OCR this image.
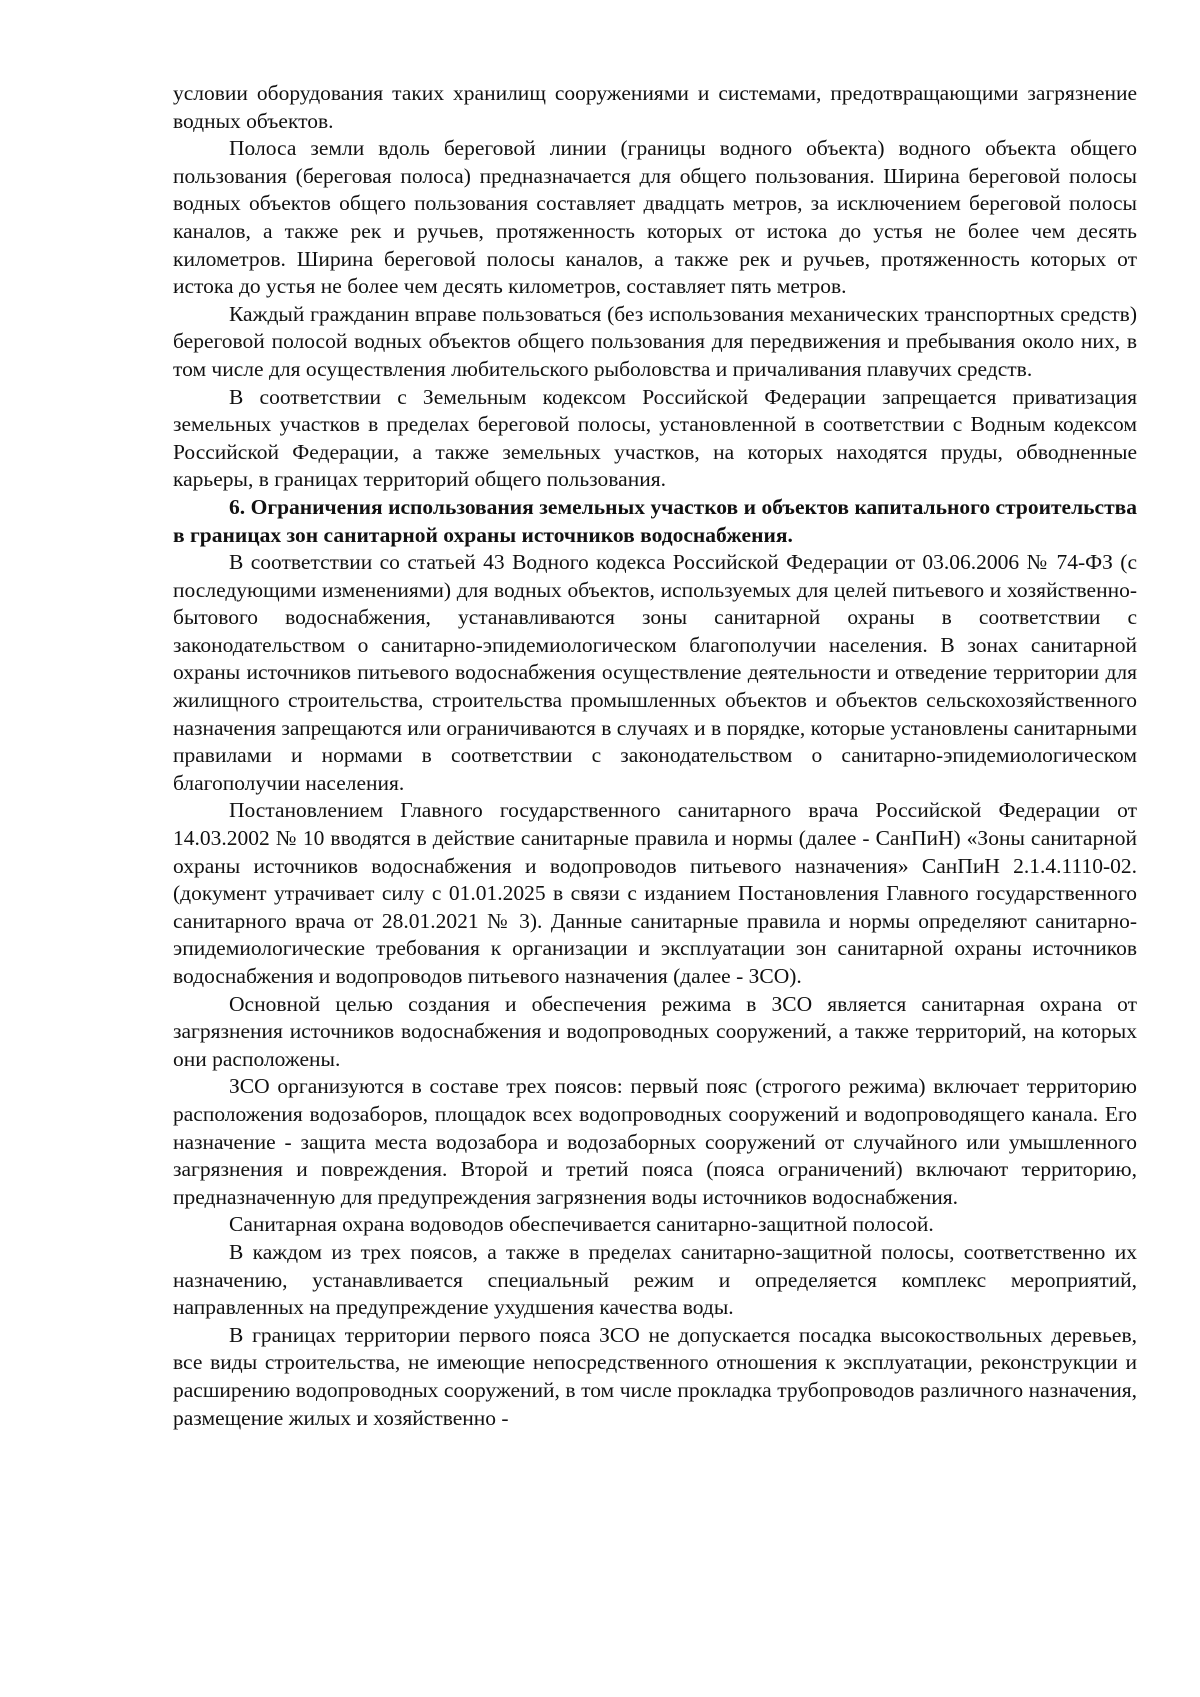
условии оборудования таких хранилищ сооружениями и системами, предотвращающими загрязнение водных объектов.

Полоса земли вдоль береговой линии (границы водного объекта) водного объекта общего пользования (береговая полоса) предназначается для общего пользования. Ширина береговой полосы водных объектов общего пользования составляет двадцать метров, за исключением береговой полосы каналов, а также рек и ручьев, протяженность которых от истока до устья не более чем десять километров. Ширина береговой полосы каналов, а также рек и ручьев, протяженность которых от истока до устья не более чем десять километров, составляет пять метров.

Каждый гражданин вправе пользоваться (без использования механических транспортных средств) береговой полосой водных объектов общего пользования для передвижения и пребывания около них, в том числе для осуществления любительского рыболовства и причаливания плавучих средств.

В соответствии с Земельным кодексом Российской Федерации запрещается приватизация земельных участков в пределах береговой полосы, установленной в соответствии с Водным кодексом Российской Федерации, а также земельных участков, на которых находятся пруды, обводненные карьеры, в границах территорий общего пользования.

6. Ограничения использования земельных участков и объектов капитального строительства в границах зон санитарной охраны источников водоснабжения.

В соответствии со статьей 43 Водного кодекса Российской Федерации от 03.06.2006 № 74-ФЗ (с последующими изменениями) для водных объектов, используемых для целей питьевого и хозяйственно-бытового водоснабжения, устанавливаются зоны санитарной охраны в соответствии с законодательством о санитарно-эпидемиологическом благополучии населения. В зонах санитарной охраны источников питьевого водоснабжения осуществление деятельности и отведение территории для жилищного строительства, строительства промышленных объектов и объектов сельскохозяйственного назначения запрещаются или ограничиваются в случаях и в порядке, которые установлены санитарными правилами и нормами в соответствии с законодательством о санитарно-эпидемиологическом благополучии населения.

Постановлением Главного государственного санитарного врача Российской Федерации от 14.03.2002 № 10 вводятся в действие санитарные правила и нормы (далее - СанПиН) «Зоны санитарной охраны источников водоснабжения и водопроводов питьевого назначения» СанПиН 2.1.4.1110-02. (документ утрачивает силу с 01.01.2025 в связи с изданием Постановления Главного государственного санитарного врача от 28.01.2021 № 3). Данные санитарные правила и нормы определяют санитарно-эпидемиологические требования к организации и эксплуатации зон санитарной охраны источников водоснабжения и водопроводов питьевого назначения (далее - ЗСО).

Основной целью создания и обеспечения режима в ЗСО является санитарная охрана от загрязнения источников водоснабжения и водопроводных сооружений, а также территорий, на которых они расположены.

ЗСО организуются в составе трех поясов: первый пояс (строгого режима) включает территорию расположения водозаборов, площадок всех водопроводных сооружений и водопроводящего канала. Его назначение - защита места водозабора и водозаборных сооружений от случайного или умышленного загрязнения и повреждения. Второй и третий пояса (пояса ограничений) включают территорию, предназначенную для предупреждения загрязнения воды источников водоснабжения.

Санитарная охрана водоводов обеспечивается санитарно-защитной полосой.

В каждом из трех поясов, а также в пределах санитарно-защитной полосы, соответственно их назначению, устанавливается специальный режим и определяется комплекс мероприятий, направленных на предупреждение ухудшения качества воды.

В границах территории первого пояса ЗСО не допускается посадка высокоствольных деревьев, все виды строительства, не имеющие непосредственного отношения к эксплуатации, реконструкции и расширению водопроводных сооружений, в том числе прокладка трубопроводов различного назначения, размещение жилых и хозяйственно -
